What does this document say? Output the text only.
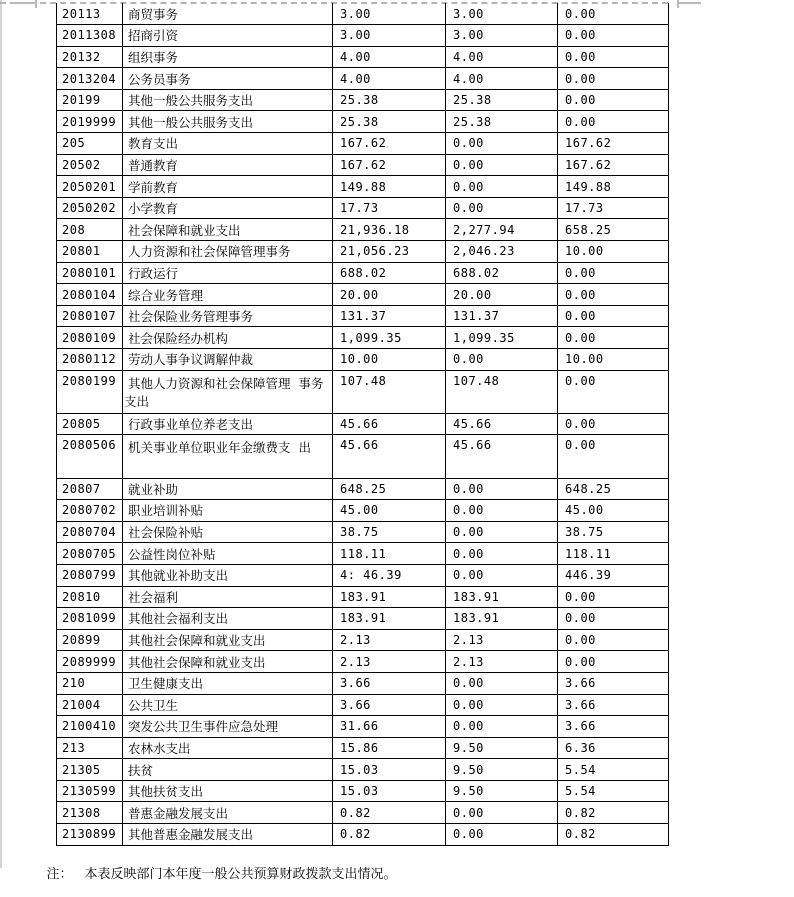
20113	商贸事务	3.00	3.00	0.00
2011308	招商引资	3.00	3.00	0.00
20132	组织事务	4.00	4.00	0.00
2013204	公务员事务	4.00	4.00	0.00
20199	其他一般公共服务支出	25.38	25.38	0.00
2019999	其他一般公共服务支出	25.38	25.38	0.00
205	教育支出	167.62	0.00	167.62
20502	普通教育	167.62	0.00	167.62
2050201	学前教育	149.88	0.00	149.88
2050202	小学教育	17.73	0.00	17.73
208	社会保障和就业支出	21,936.18	2,277.94	658.25
20801	人力资源和社会保障管理事务	21,056.23	2,046.23	10.00
2080101	行政运行	688.02	688.02	0.00
2080104	综合业务管理	20.00	20.00	0.00
2080107	社会保险业务管理事务	131.37	131.37	0.00
2080109	社会保险经办机构	1,099.35	1,099.35	0.00
2080112	劳动人事争议调解仲裁	10.00	0.00	10.00
2080199	其他人力资源和社会保障管理  事务
支出	107.48	107.48	0.00
20805	行政事业单位养老支出	45.66	45.66	0.00
2080506	机关事业单位职业年金缴费支  出	45.66	45.66	0.00
20807	就业补助	648.25	0.00	648.25
2080702	职业培训补贴	45.00	0.00	45.00
2080704	社会保险补贴	38.75	0.00	38.75
2080705	公益性岗位补贴	118.11	0.00	118.11
2080799	其他就业补助支出	4: 46.39	0.00	446.39
20810	社会福利	183.91	183.91	0.00
2081099	其他社会福利支出	183.91	183.91	0.00
20899	其他社会保障和就业支出	2.13	2.13	0.00
2089999	其他社会保障和就业支出	2.13	2.13	0.00
210	卫生健康支出	3.66	0.00	3.66
21004	公共卫生	3.66	0.00	3.66
2100410	突发公共卫生事件应急处理	31.66	0.00	3.66
213	农林水支出	15.86	9.50	6.36
21305	扶贫	15.03	9.50	5.54
2130599	其他扶贫支出	15.03	9.50	5.54
21308	普惠金融发展支出	0.82	0.00	0.82
2130899	其他普惠金融发展支出	0.82	0.00	0.82

注： 本表反映部门本年度一般公共预算财政拨款支出情况。
